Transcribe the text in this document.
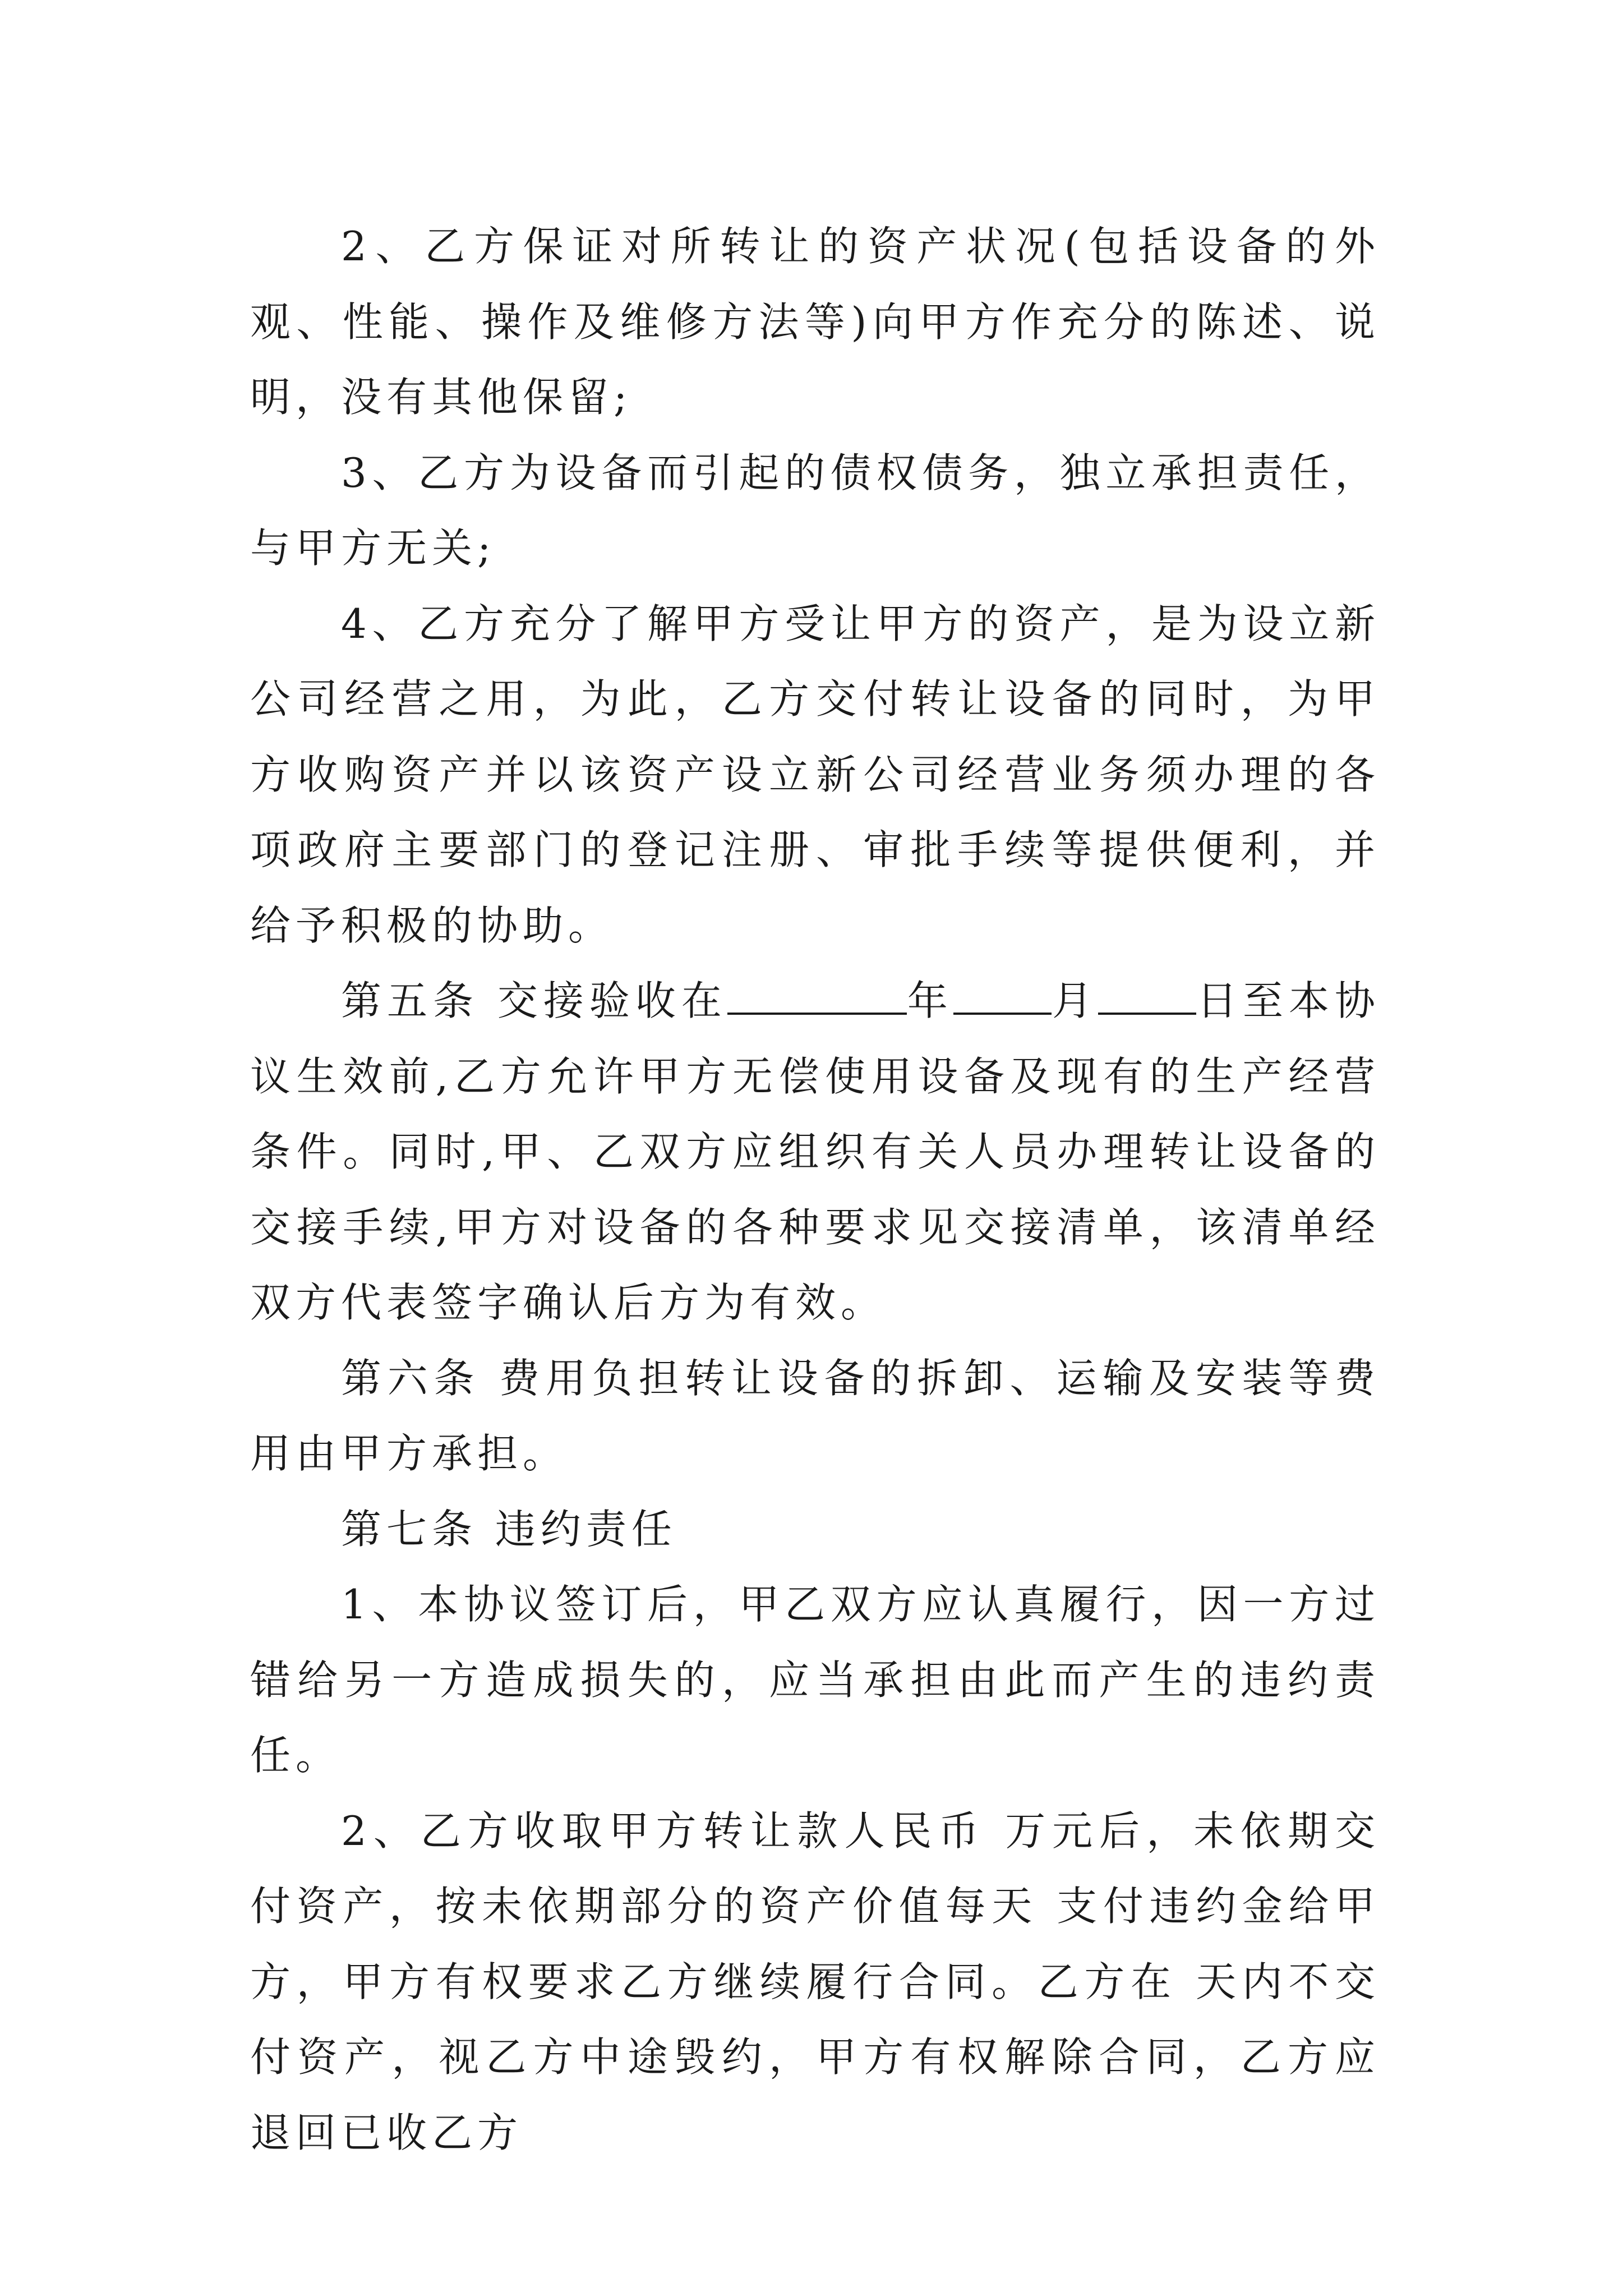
2、乙方保证对所转让的资产状况(包括设备的外观、性能、操作及维修方法等)向甲方作充分的陈述、说明，没有其他保留;

3、乙方为设备而引起的债权债务，独立承担责任，与甲方无关;

4、乙方充分了解甲方受让甲方的资产，是为设立新公司经营之用，为此，乙方交付转让设备的同时，为甲方收购资产并以该资产设立新公司经营业务须办理的各项政府主要部门的登记注册、审批手续等提供便利，并给予积极的协助。

第五条 交接验收在	年 月 日至本协议生效前,乙方允许甲方无偿使用设备及现有的生产经营条件。同时,甲、乙双方应组织有关人员办理转让设备的交接手续,甲方对设备的各种要求见交接清单，该清单经双方代表签字确认后方为有效。

第六条 费用负担转让设备的拆卸、运输及安装等费用由甲方承担。

第七条 违约责任

1、本协议签订后，甲乙双方应认真履行，因一方过错给另一方造成损失的，应当承担由此而产生的违约责任。

2、乙方收取甲方转让款人民币 万元后，未依期交付资产，按未依期部分的资产价值每天 支付违约金给甲方，甲方有权要求乙方继续履行合同。乙方在 天内不交付资产，视乙方中途毁约，甲方有权解除合同，乙方应退回已收乙方
